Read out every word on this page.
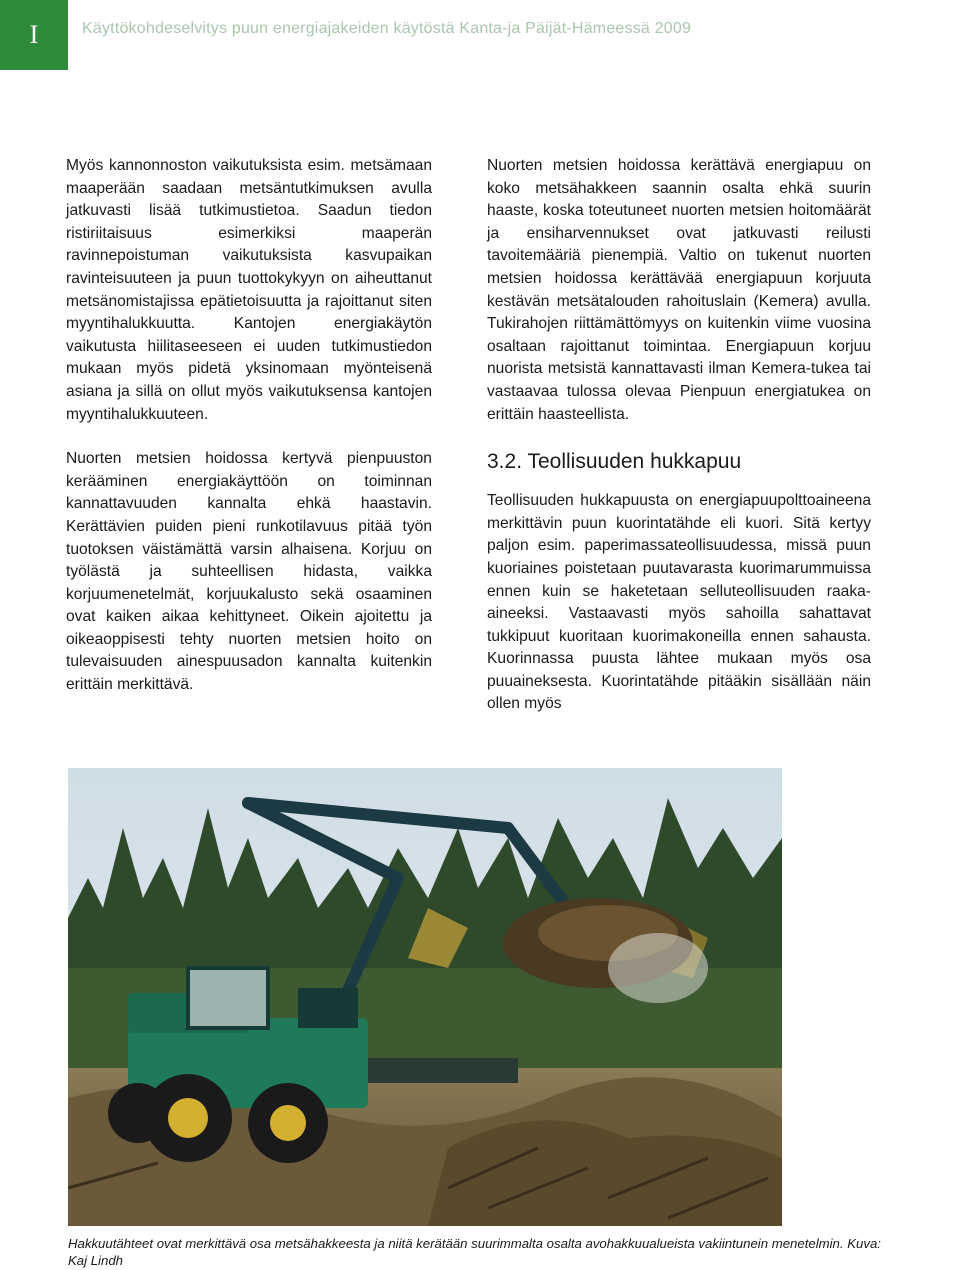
I	Käyttökohdeselvitys puun energiajakeiden käytöstä Kanta-ja Päijät-Hämeessä 2009

Myös kannonnoston vaikutuksista esim. metsämaan maaperään saadaan metsäntutkimuksen avulla jatkuvasti lisää tutkimustietoa. Saadun tiedon ristiriitaisuus esimerkiksi maaperän ravinnepoistuman vaikutuksista kasvupaikan ravinteisuuteen ja puun tuottokykyyn on aiheuttanut metsänomistajissa epätietoisuutta ja rajoittanut siten myyntihalukkuutta. Kantojen energiakäytön vaikutusta hiilitaseeseen ei uuden tutkimustiedon mukaan myös pidetä yksinomaan myönteisenä asiana ja sillä on ollut myös vaikutuksensa kantojen myyntihalukkuuteen.

Nuorten metsien hoidossa kertyvä pienpuuston kerääminen energiakäyttöön on toiminnan kannattavuuden kannalta ehkä haastavin. Kerättävien puiden pieni runkotilavuus pitää työn tuotoksen väistämättä varsin alhaisena. Korjuu on työlästä ja suhteellisen hidasta, vaikka korjuumenetelmät, korjuukalusto sekä osaaminen ovat kaiken aikaa kehittyneet. Oikein ajoitettu ja oikeaoppisesti tehty nuorten metsien hoito on tulevaisuuden ainespuusadon kannalta kuitenkin erittäin merkittävä.

Nuorten metsien hoidossa kerättävä energiapuu on koko metsähakkeen saannin osalta ehkä suurin haaste, koska toteutuneet nuorten metsien hoitomäärät ja ensiharvennukset ovat jatkuvasti reilusti tavoitemääriä pienempiä. Valtio on tukenut nuorten metsien hoidossa kerättävää energiapuun korjuuta kestävän metsätalouden rahoituslain (Kemera) avulla. Tukirahojen riittämättömyys on kuitenkin viime vuosina osaltaan rajoittanut toimintaa. Energiapuun korjuu nuorista metsistä kannattavasti ilman Kemera-tukea tai vastaavaa tulossa olevaa Pienpuun energiatukea on erittäin haasteellista.

3.2. Teollisuuden hukkapuu

Teollisuuden hukkapuusta on energiapuupolttoaineena merkittävin puun kuorintatähde eli kuori. Sitä kertyy paljon esim. paperimassateollisuudessa, missä puun kuoriaines poistetaan puutavarasta kuorimarummuissa ennen kuin se haketetaan selluteollisuuden raaka-aineeksi. Vastaavasti myös sahoilla sahattavat tukkipuut kuoritaan kuorimakoneilla ennen sahausta. Kuorinnassa puusta lähtee mukaan myös osa puuaineksesta. Kuorintatähde pitääkin sisällään näin ollen myös

Hakkuutähteet ovat merkittävä osa metsähakkeesta ja niitä kerätään suurimmalta osalta avohakkuualueista vakiintunein menetelmin. Kuva: Kaj Lindh
